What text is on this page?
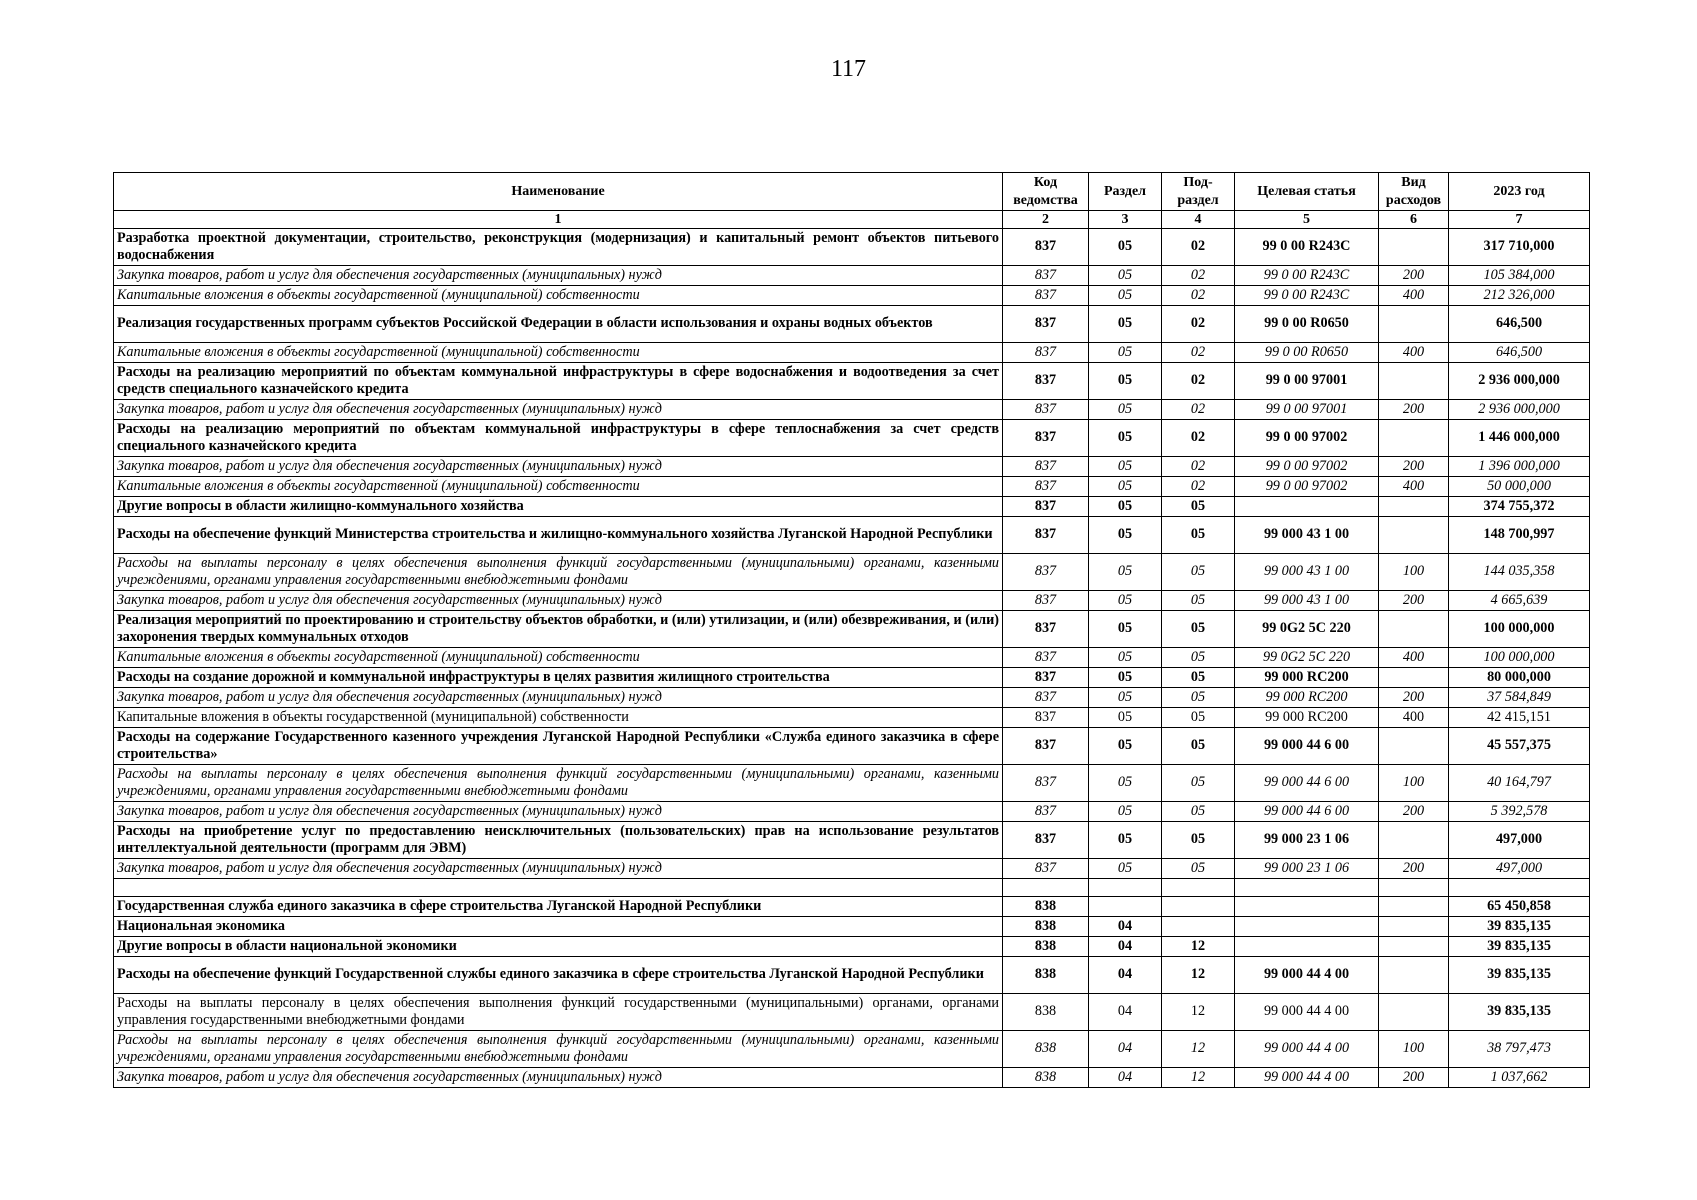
117
Наименование	Код ведомства	Раздел	Под-раздел	Целевая статья	Вид расходов	2023 год
1	2	3	4	5	6	7
Разработка проектной документации, строительство, реконструкция (модернизация) и капитальный ремонт объектов питьевого водоснабжения	837	05	02	99 0 00 R243C		317 710,000
Закупка товаров, работ и услуг для обеспечения государственных (муниципальных) нужд	837	05	02	99 0 00 R243C	200	105 384,000
Капитальные вложения в объекты государственной (муниципальной) собственности	837	05	02	99 0 00 R243C	400	212 326,000
Реализация государственных программ субъектов Российской Федерации в области использования и охраны водных объектов	837	05	02	99 0 00 R0650		646,500
Капитальные вложения в объекты государственной (муниципальной) собственности	837	05	02	99 0 00 R0650	400	646,500
Расходы на реализацию мероприятий по объектам коммунальной инфраструктуры в сфере водоснабжения и водоотведения за счет средств специального казначейского кредита	837	05	02	99 0 00 97001		2 936 000,000
Закупка товаров, работ и услуг для обеспечения государственных (муниципальных) нужд	837	05	02	99 0 00 97001	200	2 936 000,000
Расходы на реализацию мероприятий по объектам коммунальной инфраструктуры в сфере теплоснабжения за счет средств специального казначейского кредита	837	05	02	99 0 00 97002		1 446 000,000
Закупка товаров, работ и услуг для обеспечения государственных (муниципальных) нужд	837	05	02	99 0 00 97002	200	1 396 000,000
Капитальные вложения в объекты государственной (муниципальной) собственности	837	05	02	99 0 00 97002	400	50 000,000
Другие вопросы в области жилищно-коммунального хозяйства	837	05	05			374 755,372
Расходы на обеспечение функций Министерства строительства и жилищно-коммунального хозяйства Луганской Народной Республики	837	05	05	99 000 43 1 00		148 700,997
Расходы на выплаты персоналу в целях обеспечения выполнения функций государственными (муниципальными) органами, казенными учреждениями, органами управления государственными внебюджетными фондами	837	05	05	99 000 43 1 00	100	144 035,358
Закупка товаров, работ и услуг для обеспечения государственных (муниципальных) нужд	837	05	05	99 000 43 1 00	200	4 665,639
Реализация мероприятий по проектированию и строительству объектов обработки, и (или) утилизации, и (или) обезвреживания, и (или) захоронения твердых коммунальных отходов	837	05	05	99 0G2 5C 220		100 000,000
Капитальные вложения в объекты государственной (муниципальной) собственности	837	05	05	99 0G2 5C 220	400	100 000,000
Расходы на создание дорожной и коммунальной инфраструктуры в целях развития жилищного строительства	837	05	05	99 000 RC200		80 000,000
Закупка товаров, работ и услуг для обеспечения государственных (муниципальных) нужд	837	05	05	99 000 RC200	200	37 584,849
Капитальные вложения в объекты государственной (муниципальной) собственности	837	05	05	99 000 RC200	400	42 415,151
Расходы на содержание Государственного казенного учреждения Луганской Народной Республики «Служба единого заказчика в сфере строительства»	837	05	05	99 000 44 6 00		45 557,375
Расходы на выплаты персоналу в целях обеспечения выполнения функций государственными (муниципальными) органами, казенными учреждениями, органами управления государственными внебюджетными фондами	837	05	05	99 000 44 6 00	100	40 164,797
Закупка товаров, работ и услуг для обеспечения государственных (муниципальных) нужд	837	05	05	99 000 44 6 00	200	5 392,578
Расходы на приобретение услуг по предоставлению неисключительных (пользовательских) прав на использование результатов интеллектуальной деятельности (программ для ЭВМ)	837	05	05	99 000 23 1 06		497,000
Закупка товаров, работ и услуг для обеспечения государственных (муниципальных) нужд	837	05	05	99 000 23 1 06	200	497,000

Государственная служба единого заказчика в сфере строительства Луганской Народной Республики	838					65 450,858
Национальная экономика	838	04				39 835,135
Другие вопросы в области национальной экономики	838	04	12			39 835,135
Расходы на обеспечение функций Государственной службы единого заказчика в сфере строительства Луганской Народной Республики	838	04	12	99 000 44 4 00		39 835,135
Расходы на выплаты персоналу в целях обеспечения выполнения функций государственными (муниципальными) органами, органами управления государственными внебюджетными фондами	838	04	12	99 000 44 4 00		39 835,135
Расходы на выплаты персоналу в целях обеспечения выполнения функций государственными (муниципальными) органами, казенными учреждениями, органами управления государственными внебюджетными фондами	838	04	12	99 000 44 4 00	100	38 797,473
Закупка товаров, работ и услуг для обеспечения государственных (муниципальных) нужд	838	04	12	99 000 44 4 00	200	1 037,662
